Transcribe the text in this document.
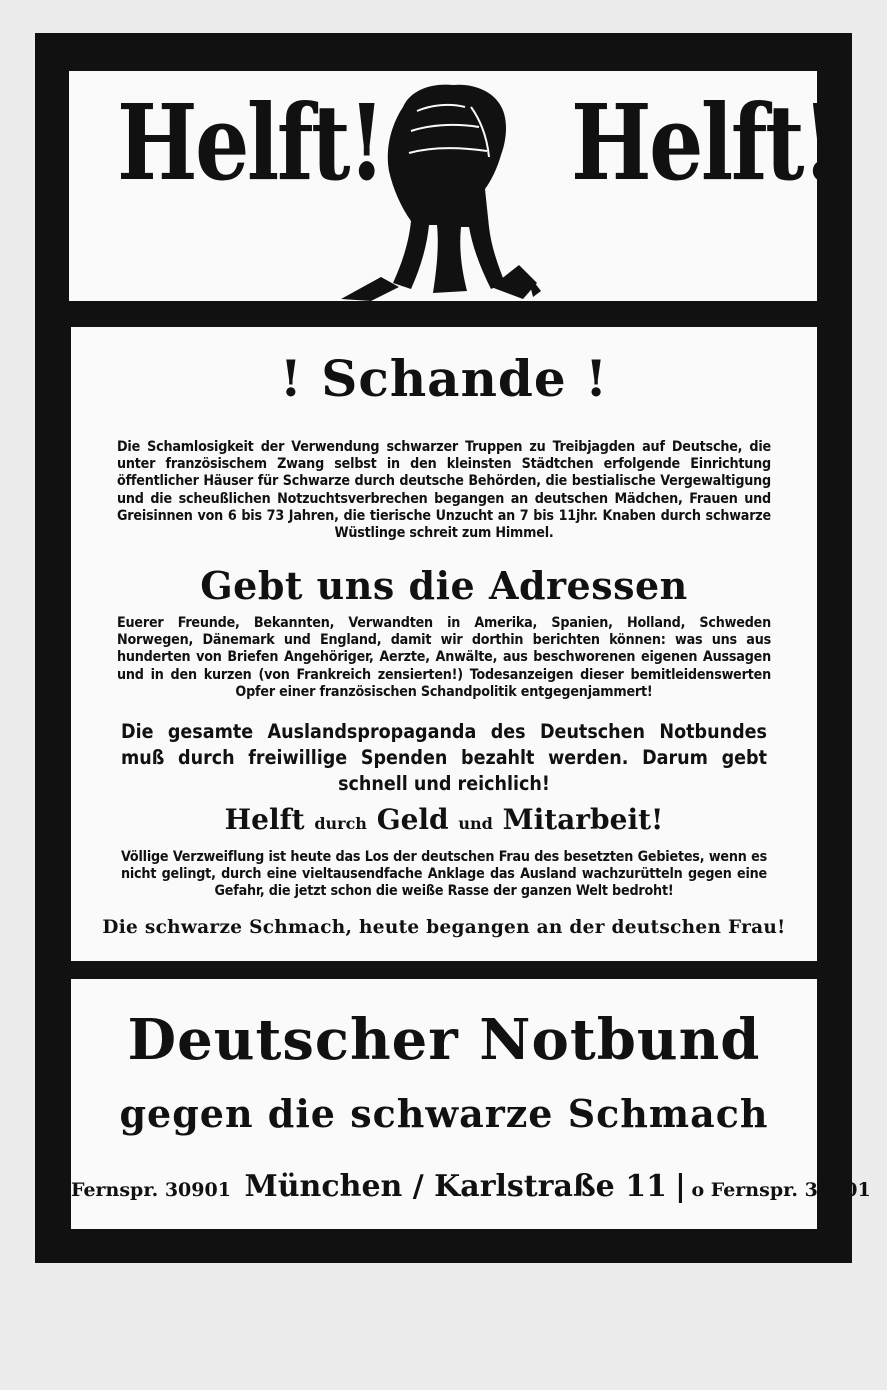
Helft! Helft!
! Schande !
Die Schamlosigkeit der Verwendung schwarzer Truppen zu Treibjagden auf Deutsche, die unter französischem Zwang selbst in den kleinsten Städtchen erfolgende Einrichtung öffentlicher Häuser für Schwarze durch deutsche Behörden, die bestialische Vergewaltigung und die scheußlichen Notzuchtsverbrechen begangen an deutschen Mädchen, Frauen und Greisinnen von 6 bis 73 Jahren, die tierische Unzucht an 7 bis 11jhr. Knaben durch schwarze Wüstlinge schreit zum Himmel.
Gebt uns die Adressen
Euerer Freunde, Bekannten, Verwandten in Amerika, Spanien, Holland, Schweden Norwegen, Dänemark und England, damit wir dorthin berichten können: was uns aus hunderten von Briefen Angehöriger, Aerzte, Anwälte, aus beschworenen eigenen Aussagen und in den kurzen (von Frankreich zensierten!) Todesanzeigen dieser bemitleidenswerten Opfer einer französischen Schandpolitik entgegenjammert!
Die gesamte Auslandspropaganda des Deutschen Notbundes muß durch freiwillige Spenden bezahlt werden. Darum gebt schnell und reichlich!
Helft durch Geld und Mitarbeit!
Völlige Verzweiflung ist heute das Los der deutschen Frau des besetzten Gebietes, wenn es nicht gelingt, durch eine vieltausendfache Anklage das Ausland wachzurütteln gegen eine Gefahr, die jetzt schon die weiße Rasse der ganzen Welt bedroht!
Die schwarze Schmach, heute begangen an der deutschen Frau!
Deutscher Notbund
gegen die schwarze Schmach
Fernspr. 30901 München / Karlstraße 11 | o Fernspr. 30901
